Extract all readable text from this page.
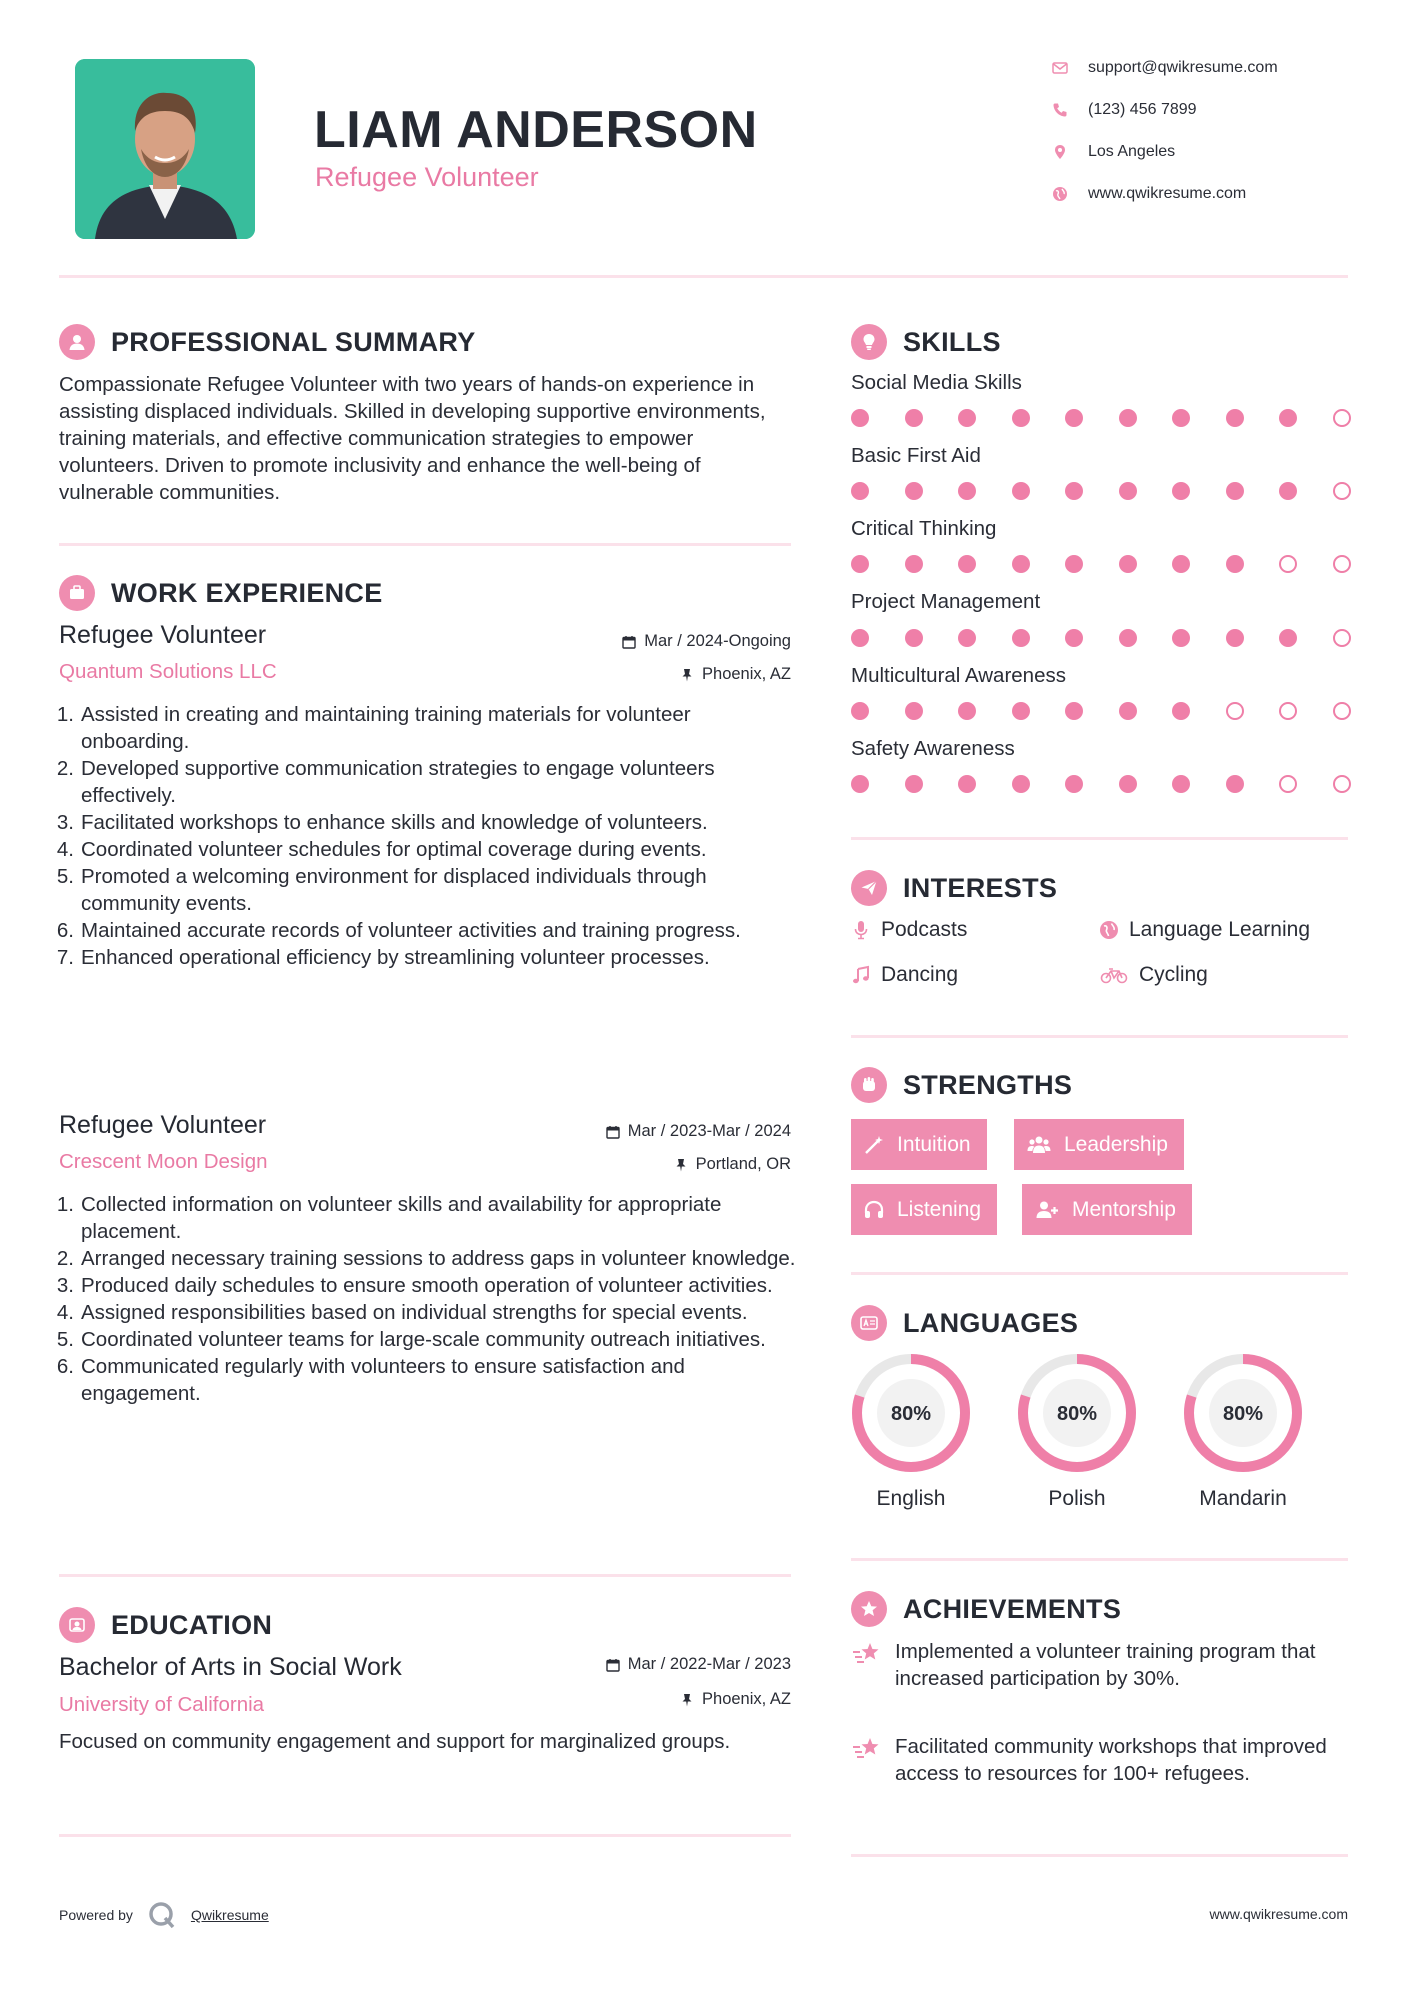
LIAM ANDERSON
Refugee Volunteer
support@qwikresume.com
(123) 456 7899
Los Angeles
www.qwikresume.com
PROFESSIONAL SUMMARY
Compassionate Refugee Volunteer with two years of hands-on experience in assisting displaced individuals. Skilled in developing supportive environments, training materials, and effective communication strategies to empower volunteers. Driven to promote inclusivity and enhance the well-being of vulnerable communities.
WORK EXPERIENCE
Refugee Volunteer
Quantum Solutions LLC
Mar / 2024-Ongoing
Phoenix, AZ
1. Assisted in creating and maintaining training materials for volunteer onboarding.
2. Developed supportive communication strategies to engage volunteers effectively.
3. Facilitated workshops to enhance skills and knowledge of volunteers.
4. Coordinated volunteer schedules for optimal coverage during events.
5. Promoted a welcoming environment for displaced individuals through community events.
6. Maintained accurate records of volunteer activities and training progress.
7. Enhanced operational efficiency by streamlining volunteer processes.
Refugee Volunteer
Crescent Moon Design
Mar / 2023-Mar / 2024
Portland, OR
1. Collected information on volunteer skills and availability for appropriate placement.
2. Arranged necessary training sessions to address gaps in volunteer knowledge.
3. Produced daily schedules to ensure smooth operation of volunteer activities.
4. Assigned responsibilities based on individual strengths for special events.
5. Coordinated volunteer teams for large-scale community outreach initiatives.
6. Communicated regularly with volunteers to ensure satisfaction and engagement.
EDUCATION
Bachelor of Arts in Social Work
University of California
Mar / 2022-Mar / 2023
Phoenix, AZ
Focused on community engagement and support for marginalized groups.
SKILLS
Social Media Skills
Basic First Aid
Critical Thinking
Project Management
Multicultural Awareness
Safety Awareness
INTERESTS
Podcasts	Language Learning
Dancing	Cycling
STRENGTHS
Intuition	Leadership
Listening	Mentorship
LANGUAGES
80%
English
80%
Polish
80%
Mandarin
ACHIEVEMENTS
Implemented a volunteer training program that increased participation by 30%.
Facilitated community workshops that improved access to resources for 100+ refugees.
Powered by	Qwikresume	www.qwikresume.com
